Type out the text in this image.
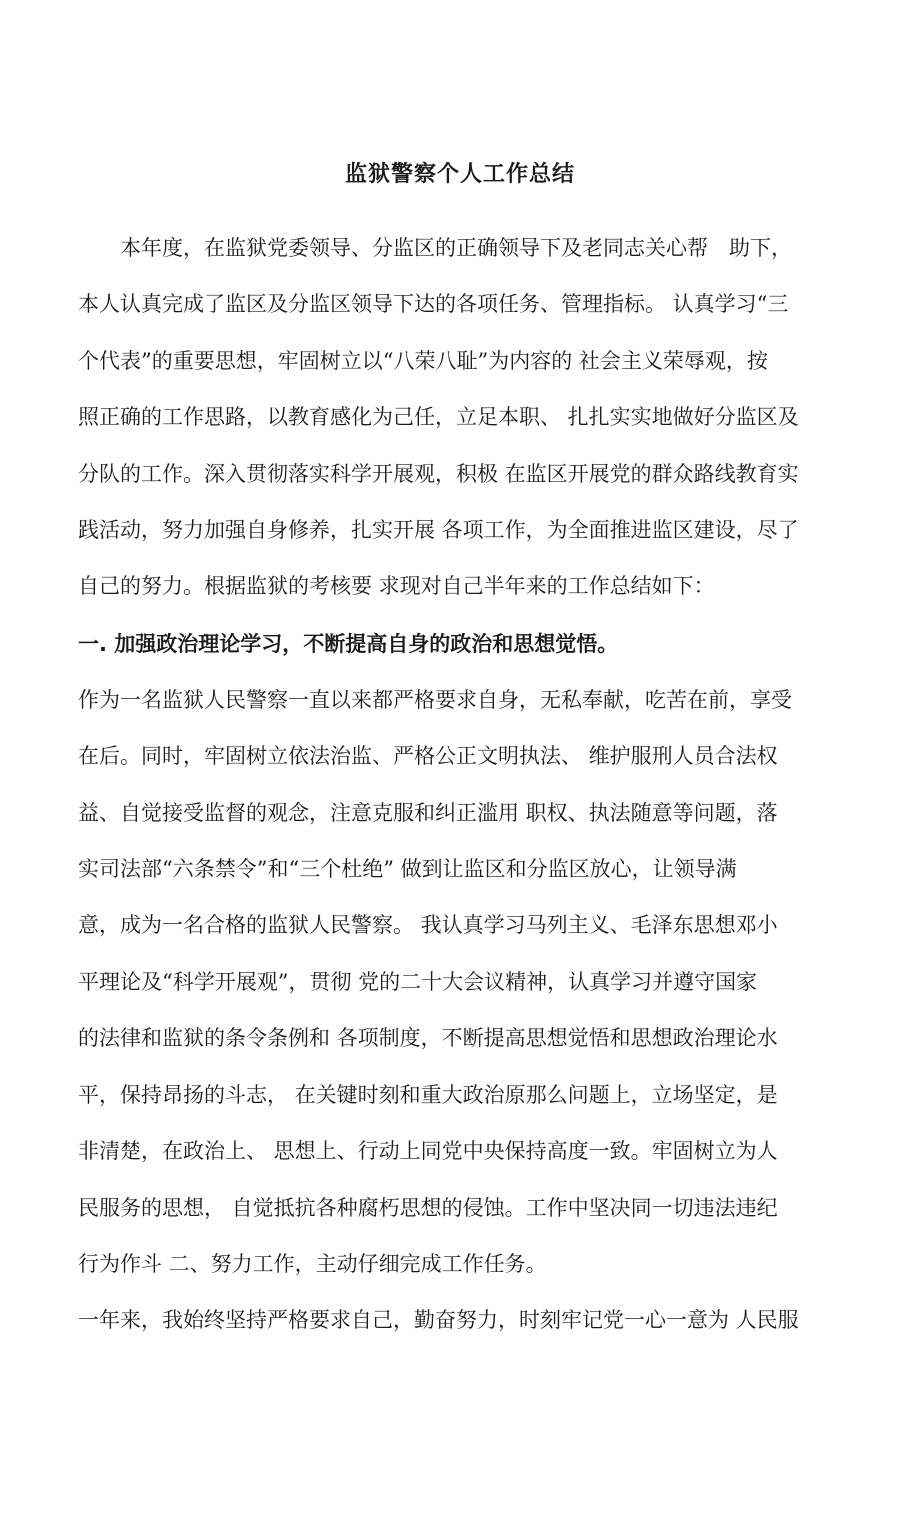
监狱警察个人工作总结

　　本年度，在监狱党委领导、分监区的正确领导下及老同志关心帮　助下，

本人认真完成了监区及分监区领导下达的各项任务、管理指标。 认真学习“三

个代表”的重要思想，牢固树立以“八荣八耻”为内容的 社会主义荣辱观，按

照正确的工作思路，以教育感化为己任，立足本职、 扎扎实实地做好分监区及

分队的工作。深入贯彻落实科学开展观，积极 在监区开展党的群众路线教育实

践活动，努力加强自身修养，扎实开展 各项工作，为全面推进监区建设，尽了

自己的努力。根据监狱的考核要 求现对自己半年来的工作总结如下：

一. 加强政治理论学习，不断提高自身的政治和思想觉悟。

作为一名监狱人民警察一直以来都严格要求自身，无私奉献，吃苦在前，享受

在后。同时，牢固树立依法治监、严格公正文明执法、 维护服刑人员合法权

益、自觉接受监督的观念，注意克服和纠正滥用 职权、执法随意等问题，落

实司法部“六条禁令”和“三个杜绝” 做到让监区和分监区放心，让领导满

意，成为一名合格的监狱人民警察。 我认真学习马列主义、毛泽东思想邓小

平理论及“科学开展观”，贯彻 党的二十大会议精神，认真学习并遵守国家

的法律和监狱的条令条例和 各项制度，不断提高思想觉悟和思想政治理论水

平，保持昂扬的斗志， 在关键时刻和重大政治原那么问题上，立场坚定，是

非清楚，在政治上、 思想上、行动上同党中央保持高度一致。牢固树立为人

民服务的思想， 自觉抵抗各种腐朽思想的侵蚀。工作中坚决同一切违法违纪

行为作斗 二、努力工作，主动仔细完成工作任务。

一年来，我始终坚持严格要求自己，勤奋努力，时刻牢记党一心一意为 人民服
